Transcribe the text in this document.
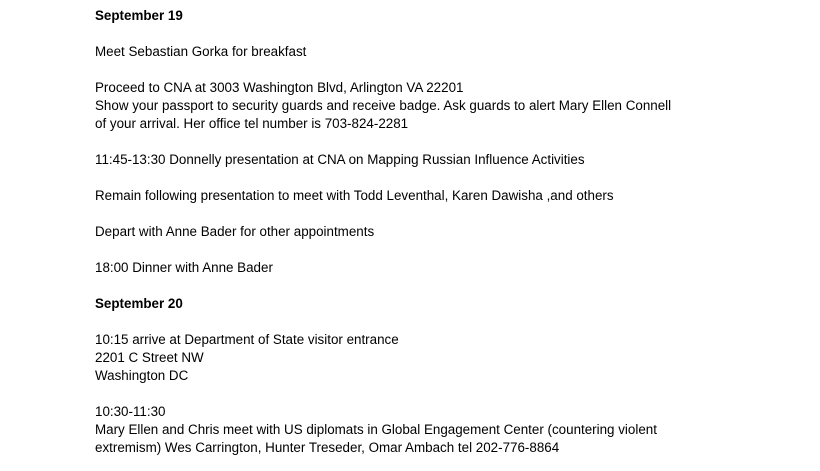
September 19
Meet Sebastian Gorka for breakfast
Proceed to CNA at 3003 Washington Blvd, Arlington VA 22201
Show your passport to security guards and receive badge. Ask guards to alert Mary Ellen Connell
of your arrival. Her office tel number is 703-824-2281
11:45-13:30 Donnelly presentation at CNA on Mapping Russian Influence Activities
Remain following presentation to meet with Todd Leventhal, Karen Dawisha ,and others
Depart with Anne Bader for other appointments
18:00 Dinner with Anne Bader
September 20
10:15 arrive at Department of State visitor entrance
2201 C Street NW
Washington DC
10:30-11:30
Mary Ellen and Chris meet with US diplomats in Global Engagement Center (countering violent
extremism) Wes Carrington, Hunter Treseder, Omar Ambach tel 202-776-8864
